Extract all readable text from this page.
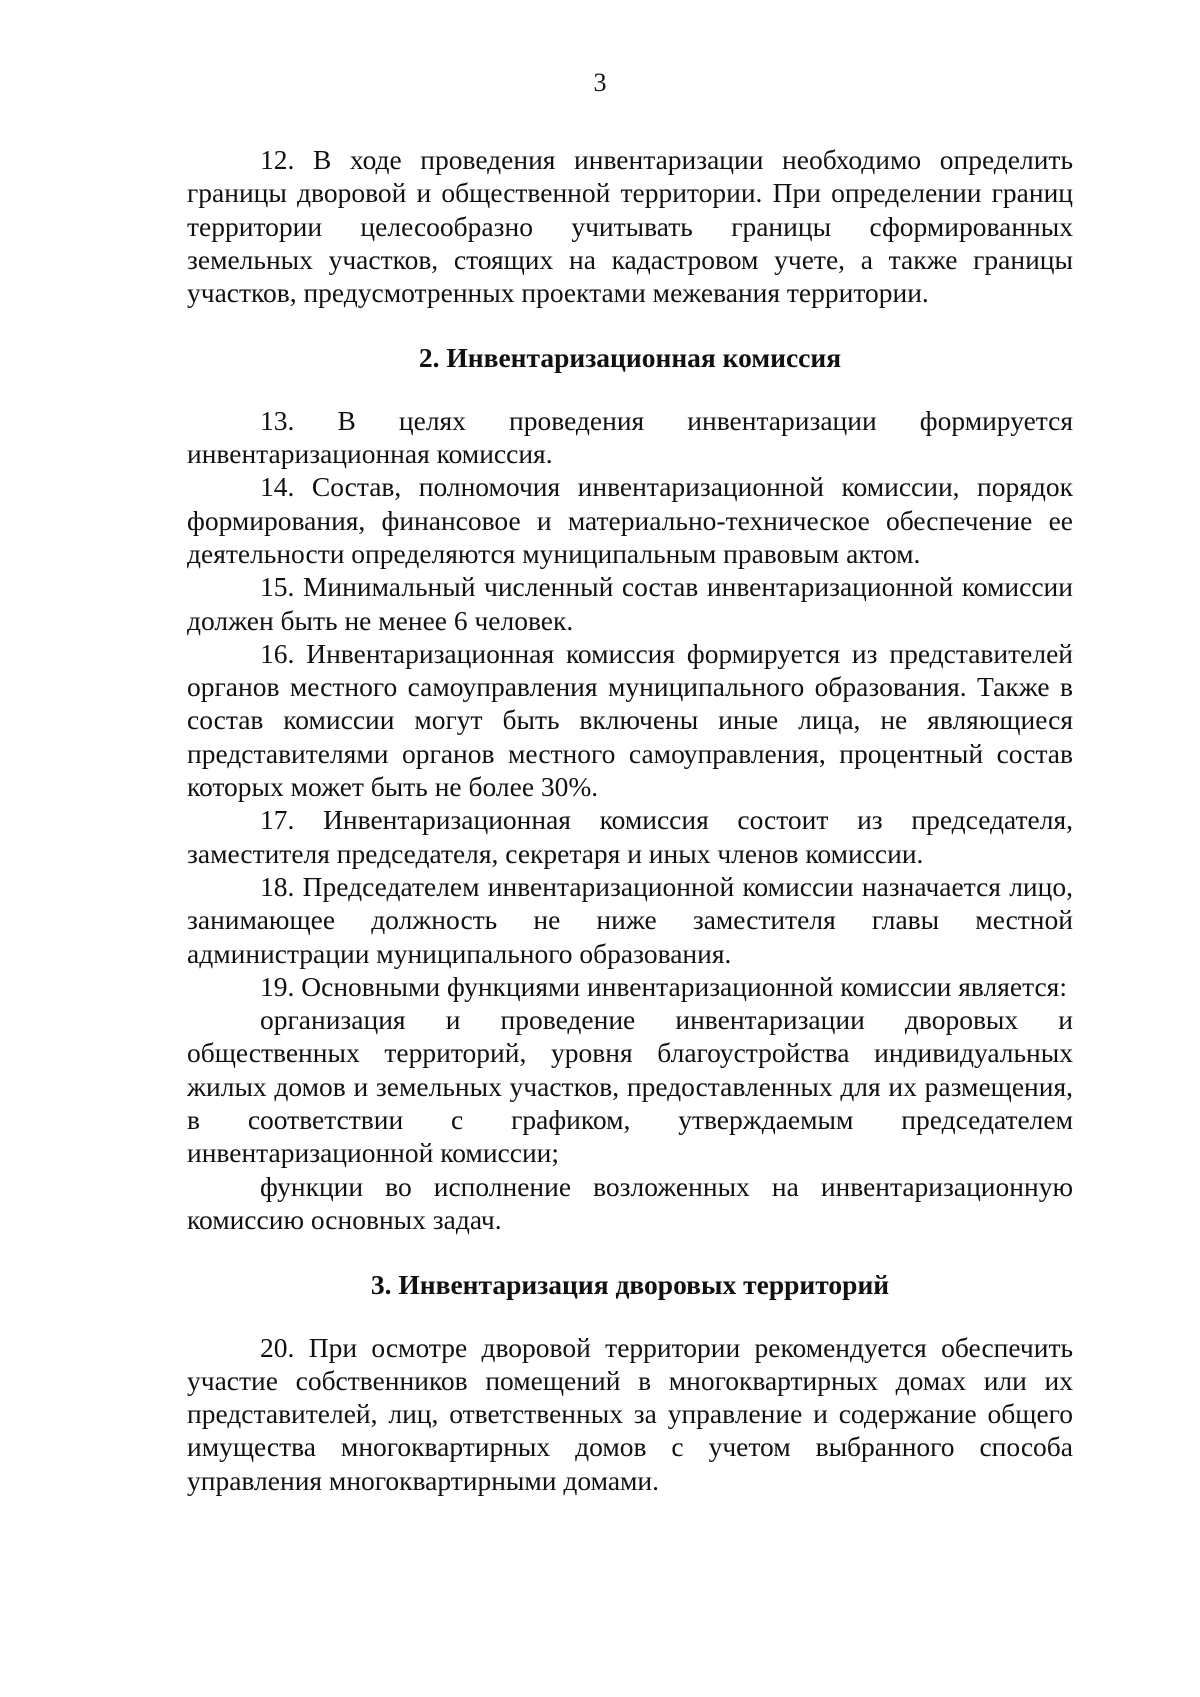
3

12. В ходе проведения инвентаризации необходимо определить границы дворовой и общественной территории. При определении границ территории целесообразно учитывать границы сформированных земельных участков, стоящих на кадастровом учете, а также границы участков, предусмотренных проектами межевания территории.

2. Инвентаризационная комиссия

13. В целях проведения инвентаризации формируется инвентаризационная комиссия.

14. Состав, полномочия инвентаризационной комиссии, порядок формирования, финансовое и материально-техническое обеспечение ее деятельности определяются муниципальным правовым актом.

15. Минимальный численный состав инвентаризационной комиссии должен быть не менее 6 человек.

16. Инвентаризационная комиссия формируется из представителей органов местного самоуправления муниципального образования. Также в состав комиссии могут быть включены иные лица, не являющиеся представителями органов местного самоуправления, процентный состав которых может быть не более 30%.

17. Инвентаризационная комиссия состоит из председателя, заместителя председателя, секретаря и иных членов комиссии.

18. Председателем инвентаризационной комиссии назначается лицо, занимающее должность не ниже заместителя главы местной администрации муниципального образования.

19. Основными функциями инвентаризационной комиссии является:

организация и проведение инвентаризации дворовых и общественных территорий, уровня благоустройства индивидуальных жилых домов и земельных участков, предоставленных для их размещения, в соответствии с графиком, утверждаемым председателем инвентаризационной комиссии;

функции во исполнение возложенных на инвентаризационную комиссию основных задач.

3. Инвентаризация дворовых территорий

20. При осмотре дворовой территории рекомендуется обеспечить участие собственников помещений в многоквартирных домах или их представителей, лиц, ответственных за управление и содержание общего имущества многоквартирных домов с учетом выбранного способа управления многоквартирными домами.
